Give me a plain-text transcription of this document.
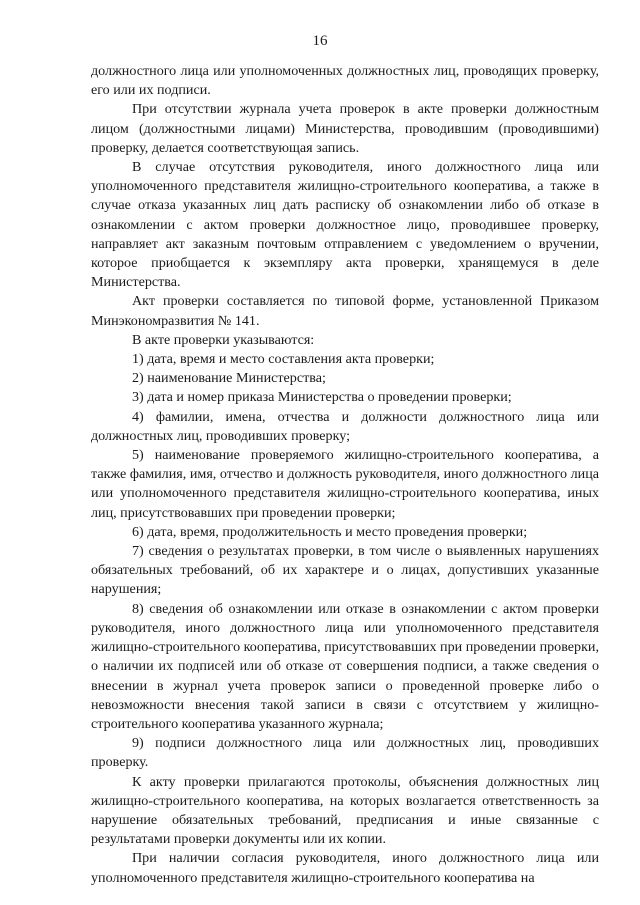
16

должностного лица или уполномоченных должностных лиц, проводящих проверку, его или их подписи.

При отсутствии журнала учета проверок в акте проверки должностным лицом (должностными лицами) Министерства, проводившим (проводившими) проверку, делается соответствующая запись.

В случае отсутствия руководителя, иного должностного лица или уполномоченного представителя жилищно-строительного кооператива, а также в случае отказа указанных лиц дать расписку об ознакомлении либо об отказе в ознакомлении с актом проверки должностное лицо, проводившее проверку, направляет акт заказным почтовым отправлением с уведомлением о вручении, которое приобщается к экземпляру акта проверки, хранящемуся в деле Министерства.

Акт проверки составляется по типовой форме, установленной Приказом Минэкономразвития № 141.

В акте проверки указываются:

1) дата, время и место составления акта проверки;

2) наименование Министерства;

3) дата и номер приказа Министерства о проведении проверки;

4) фамилии, имена, отчества и должности должностного лица или должностных лиц, проводивших проверку;

5) наименование проверяемого жилищно-строительного кооператива, а также фамилия, имя, отчество и должность руководителя, иного должностного лица или уполномоченного представителя жилищно-строительного кооператива, иных лиц, присутствовавших при проведении проверки;

6) дата, время, продолжительность и место проведения проверки;

7) сведения о результатах проверки, в том числе о выявленных нарушениях обязательных требований, об их характере и о лицах, допустивших указанные нарушения;

8) сведения об ознакомлении или отказе в ознакомлении с актом проверки руководителя, иного должностного лица или уполномоченного представителя жилищно-строительного кооператива, присутствовавших при проведении проверки, о наличии их подписей или об отказе от совершения подписи, а также сведения о внесении в журнал учета проверок записи о проведенной проверке либо о невозможности внесения такой записи в связи с отсутствием у жилищно-строительного кооператива указанного журнала;

9) подписи должностного лица или должностных лиц, проводивших проверку.

К акту проверки прилагаются протоколы, объяснения должностных лиц жилищно-строительного кооператива, на которых возлагается ответственность за нарушение обязательных требований, предписания и иные связанные с результатами проверки документы или их копии.

При наличии согласия руководителя, иного должностного лица или уполномоченного представителя жилищно-строительного кооператива на
